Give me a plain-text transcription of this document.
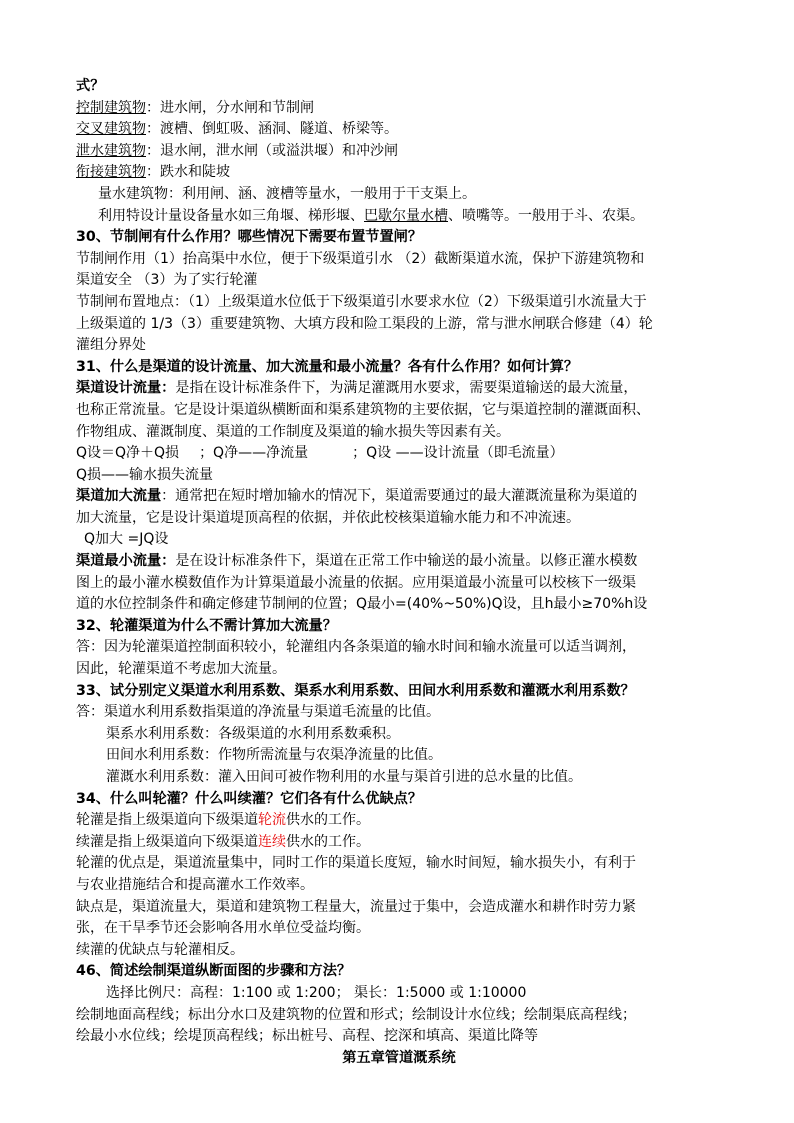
式？
控制建筑物：进水闸，分水闸和节制闸
交叉建筑物：渡槽、倒虹吸、涵洞、隧道、桥梁等。
泄水建筑物：退水闸，泄水闸（或溢洪堰）和冲沙闸
衔接建筑物：跌水和陡坡
量水建筑物：利用闸、涵、渡槽等量水，一般用于干支渠上。
利用特设计量设备量水如三角堰、梯形堰、巴歇尔量水槽、喷嘴等。一般用于斗、农渠。
30、节制闸有什么作用？哪些情况下需要布置节置闸？
节制闸作用（1）抬高渠中水位，便于下级渠道引水 （2）截断渠道水流，保护下游建筑物和
渠道安全 （3）为了实行轮灌
节制闸布置地点：（1）上级渠道水位低于下级渠道引水要求水位（2）下级渠道引水流量大于
上级渠道的 1/3（3）重要建筑物、大填方段和险工渠段的上游，常与泄水闸联合修建（4）轮
灌组分界处
31、什么是渠道的设计流量、加大流量和最小流量？各有什么作用？如何计算？
渠道设计流量：是指在设计标准条件下，为满足灌溉用水要求，需要渠道输送的最大流量，
也称正常流量。它是设计渠道纵横断面和渠系建筑物的主要依据，它与渠道控制的灌溉面积、
作物组成、灌溉制度、渠道的工作制度及渠道的输水损失等因素有关。
Q设＝Q净＋Q损 ；Q净——净流量	；Q设 ——设计流量（即毛流量）
Q损——输水损失流量
渠道加大流量：通常把在短时增加输水的情况下，渠道需要通过的最大灌溉流量称为渠道的
加大流量，它是设计渠道堤顶高程的依据，并依此校核渠道输水能力和不冲流速。
Q加大 =JQ设
渠道最小流量：是在设计标准条件下，渠道在正常工作中输送的最小流量。以修正灌水模数
图上的最小灌水模数值作为计算渠道最小流量的依据。应用渠道最小流量可以校核下一级渠
道的水位控制条件和确定修建节制闸的位置；Q最小=(40%~50%)Q设，且h最小≥70%h设
32、轮灌渠道为什么不需计算加大流量？
答：因为轮灌渠道控制面积较小，轮灌组内各条渠道的输水时间和输水流量可以适当调剂，
因此，轮灌渠道不考虑加大流量。
33、试分别定义渠道水利用系数、渠系水利用系数、田间水利用系数和灌溉水利用系数？
答：渠道水利用系数指渠道的净流量与渠道毛流量的比值。
渠系水利用系数：各级渠道的水利用系数乘积。
田间水利用系数：作物所需流量与农渠净流量的比值。
灌溉水利用系数：灌入田间可被作物利用的水量与渠首引进的总水量的比值。
34、什么叫轮灌？什么叫续灌？它们各有什么优缺点？
轮灌是指上级渠道向下级渠道轮流供水的工作。
续灌是指上级渠道向下级渠道连续供水的工作。
轮灌的优点是，渠道流量集中，同时工作的渠道长度短，输水时间短，输水损失小，有利于
与农业措施结合和提高灌水工作效率。
缺点是，渠道流量大，渠道和建筑物工程量大，流量过于集中，会造成灌水和耕作时劳力紧
张，在干旱季节还会影响各用水单位受益均衡。
续灌的优缺点与轮灌相反。
46、简述绘制渠道纵断面图的步骤和方法？
选择比例尺：高程：1:100 或 1:200； 渠长：1:5000 或 1:10000
绘制地面高程线；标出分水口及建筑物的位置和形式；绘制设计水位线；绘制渠底高程线；
绘最小水位线；绘堤顶高程线；标出桩号、高程、挖深和填高、渠道比降等
第五章管道溉系统
